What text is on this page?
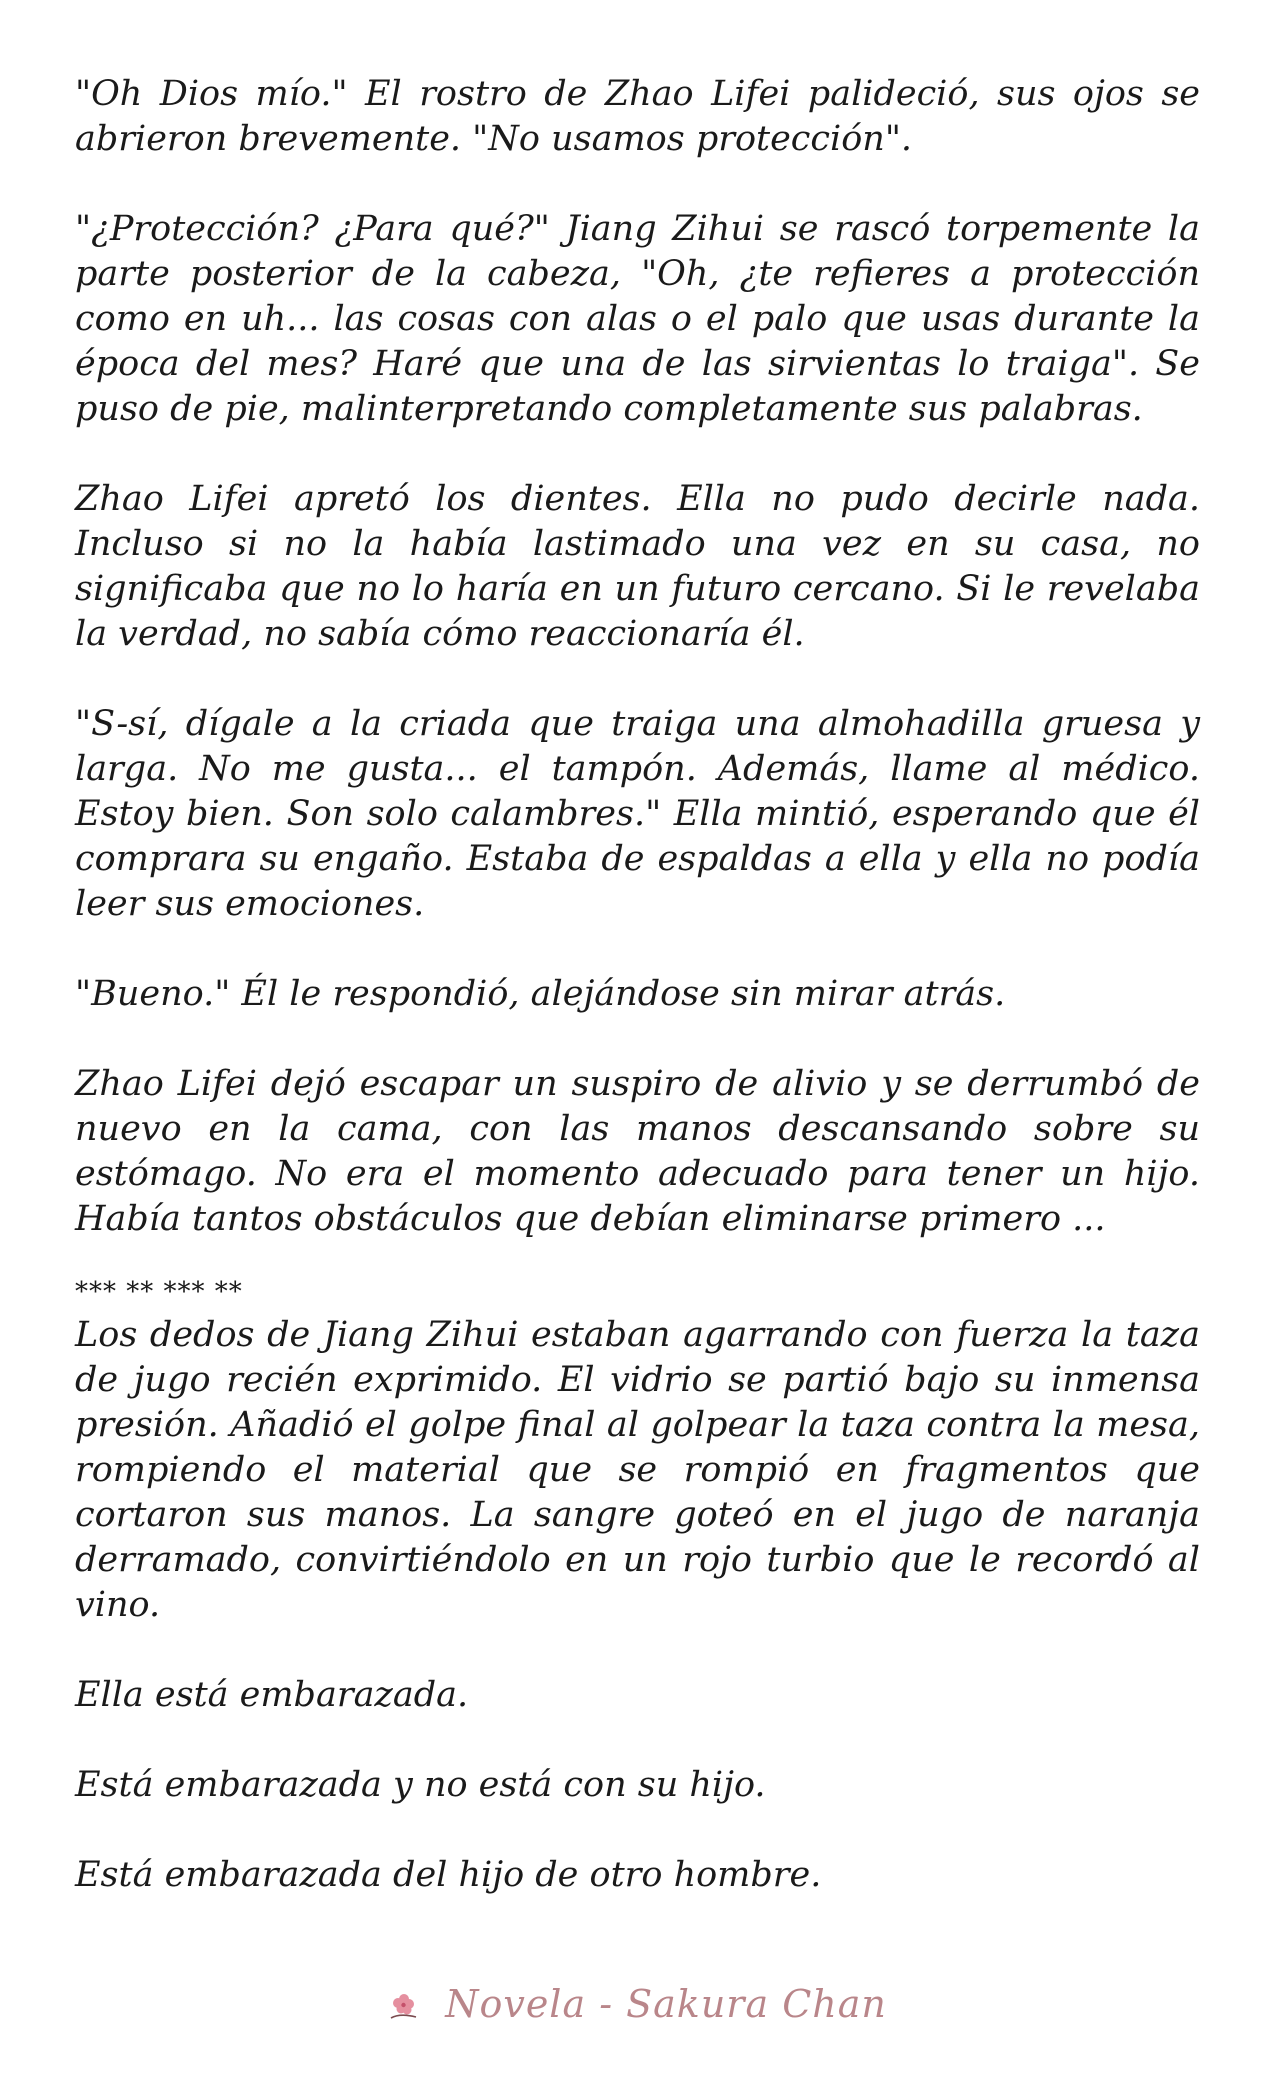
"Oh Dios mío." El rostro de Zhao Lifei palideció, sus ojos se abrieron brevemente. "No usamos protección".

"¿Protección? ¿Para qué?" Jiang Zihui se rascó torpemente la parte posterior de la cabeza, "Oh, ¿te refieres a protección como en uh... las cosas con alas o el palo que usas durante la época del mes? Haré que una de las sirvientas lo traiga". Se puso de pie, malinterpretando completamente sus palabras.

Zhao Lifei apretó los dientes. Ella no pudo decirle nada. Incluso si no la había lastimado una vez en su casa, no significaba que no lo haría en un futuro cercano. Si le revelaba la verdad, no sabía cómo reaccionaría él.

"S-sí, dígale a la criada que traiga una almohadilla gruesa y larga. No me gusta... el tampón. Además, llame al médico. Estoy bien. Son solo calambres." Ella mintió, esperando que él comprara su engaño. Estaba de espaldas a ella y ella no podía leer sus emociones.

"Bueno." Él le respondió, alejándose sin mirar atrás.

Zhao Lifei dejó escapar un suspiro de alivio y se derrumbó de nuevo en la cama, con las manos descansando sobre su estómago. No era el momento adecuado para tener un hijo. Había tantos obstáculos que debían eliminarse primero ...

*** ** *** **

Los dedos de Jiang Zihui estaban agarrando con fuerza la taza de jugo recién exprimido. El vidrio se partió bajo su inmensa presión. Añadió el golpe final al golpear la taza contra la mesa, rompiendo el material que se rompió en fragmentos que cortaron sus manos. La sangre goteó en el jugo de naranja derramado, convirtiéndolo en un rojo turbio que le recordó al vino.

Ella está embarazada.

Está embarazada y no está con su hijo.

Está embarazada del hijo de otro hombre.

Novela - Sakura Chan
